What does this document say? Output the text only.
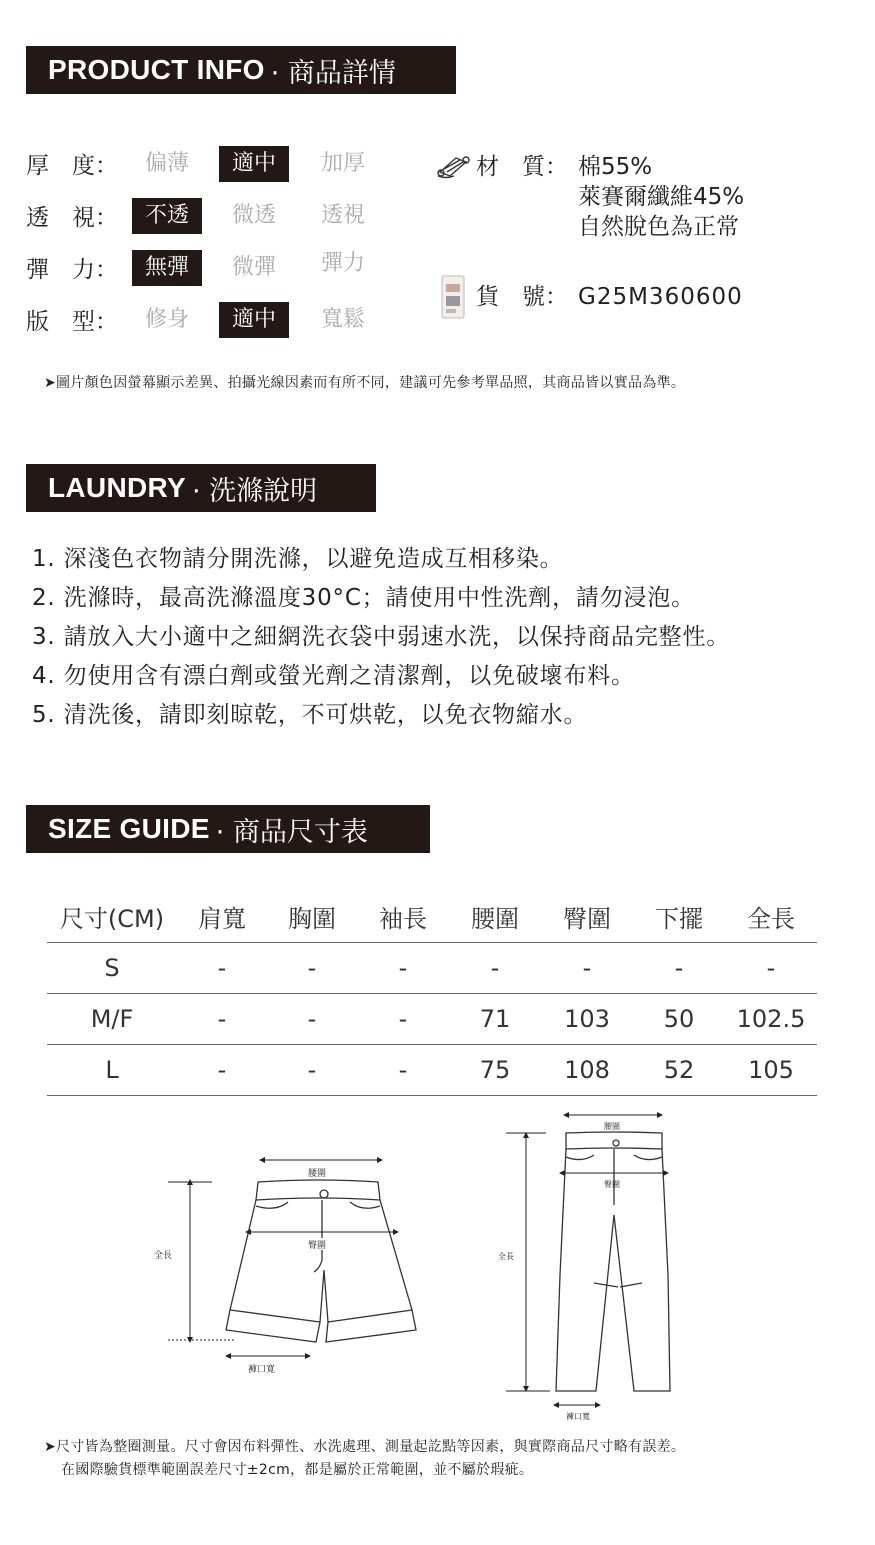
PRODUCT INFO · 商品詳情
厚　度：	偏薄	適中	加厚
透　視：	不透	微透	透視
彈　力：	無彈	微彈	彈力
版　型：	修身	適中	寬鬆
材　質： 棉55%
萊賽爾纖維45%
自然脫色為正常
貨　號： G25M360600
➤圖片顏色因螢幕顯示差異、拍攝光線因素而有所不同，建議可先參考單品照，其商品皆以實品為準。
LAUNDRY · 洗滌說明
1. 深淺色衣物請分開洗滌，以避免造成互相移染。
2. 洗滌時，最高洗滌溫度30°C；請使用中性洗劑，請勿浸泡。
3. 請放入大小適中之細網洗衣袋中弱速水洗，以保持商品完整性。
4. 勿使用含有漂白劑或螢光劑之清潔劑，以免破壞布料。
5. 清洗後，請即刻晾乾，不可烘乾，以免衣物縮水。
SIZE GUIDE · 商品尺寸表
尺寸(CM)	肩寬	胸圍	袖長	腰圍	臀圍	下擺	全長
S	-	-	-	-	-	-	-
M/F	-	-	-	71	103	50	102.5
L	-	-	-	75	108	52	105
腰圍
臀圍
全長
褲口寬
腰圍
臀圍
全長
褲口寬
➤尺寸皆為整圈測量。尺寸會因布料彈性、水洗處理、測量起訖點等因素，與實際商品尺寸略有誤差。
在國際驗貨標準範圍誤差尺寸±2cm，都是屬於正常範圍，並不屬於瑕疵。
